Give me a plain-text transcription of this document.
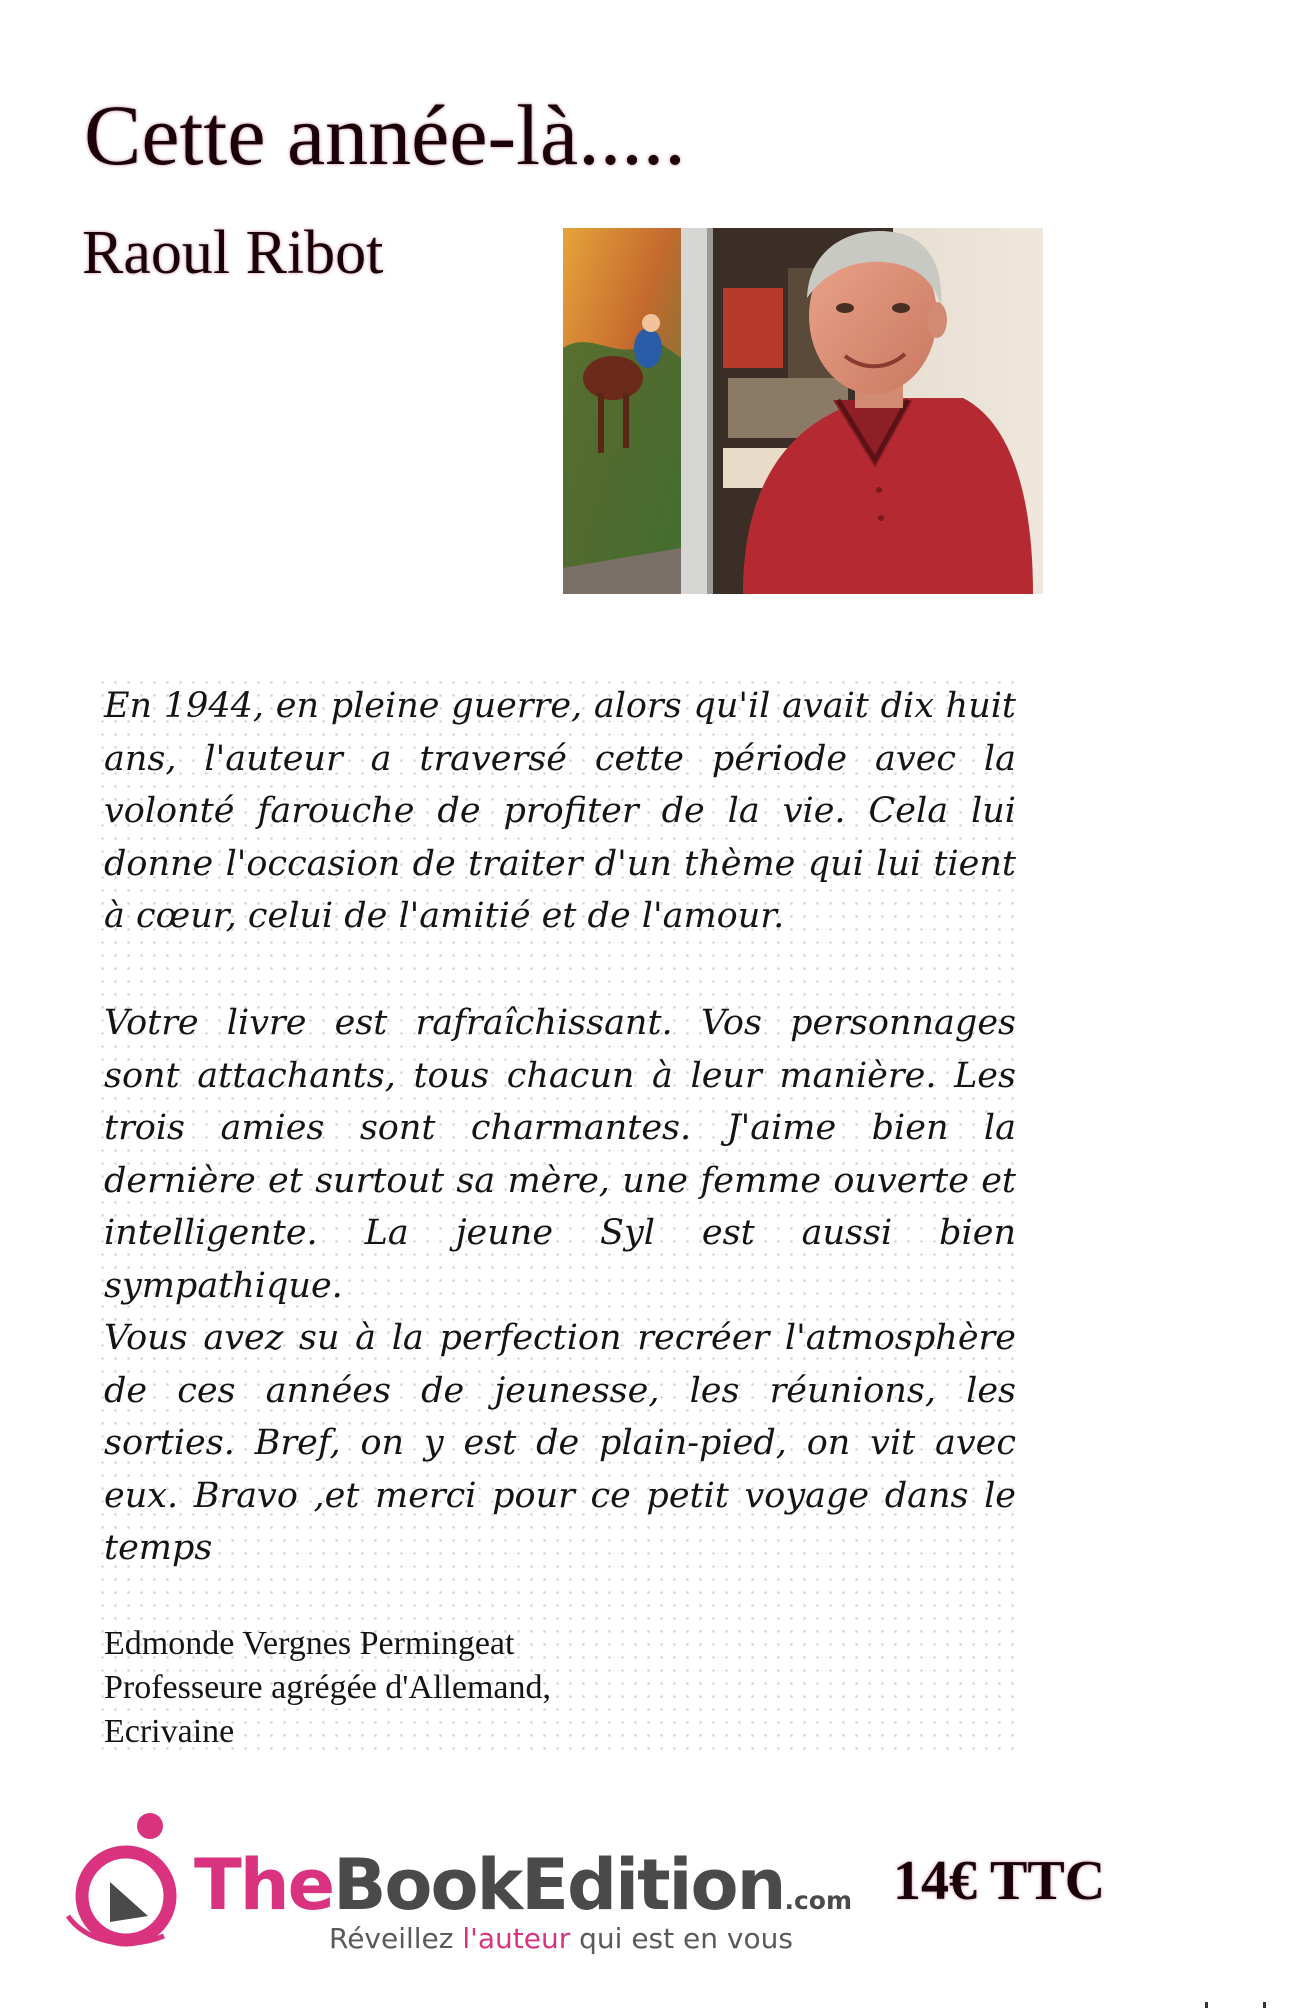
Cette année-là.....
Raoul Ribot

En 1944, en pleine guerre, alors qu'il avait dix huit ans, l'auteur a traversé cette période avec la volonté farouche de profiter de la vie. Cela lui donne l'occasion de traiter d'un thème qui lui tient à cœur, celui de l'amitié et de l'amour.

Votre livre est rafraîchissant. Vos personnages sont attachants, tous chacun à leur manière. Les trois amies sont charmantes. J'aime bien la dernière et surtout sa mère, une femme ouverte et intelligente. La jeune Syl est aussi bien sympathique.

Vous avez su à la perfection recréer l'atmosphère de ces années de jeunesse, les réunions, les sorties. Bref, on y est de plain-pied, on vit avec eux. Bravo ,et merci pour ce petit voyage dans le temps

Edmonde Vergnes Permingeat
Professeure agrégée d'Allemand,
Ecrivaine

TheBookEdition.com
Réveillez l'auteur qui est en vous

14€ TTC
